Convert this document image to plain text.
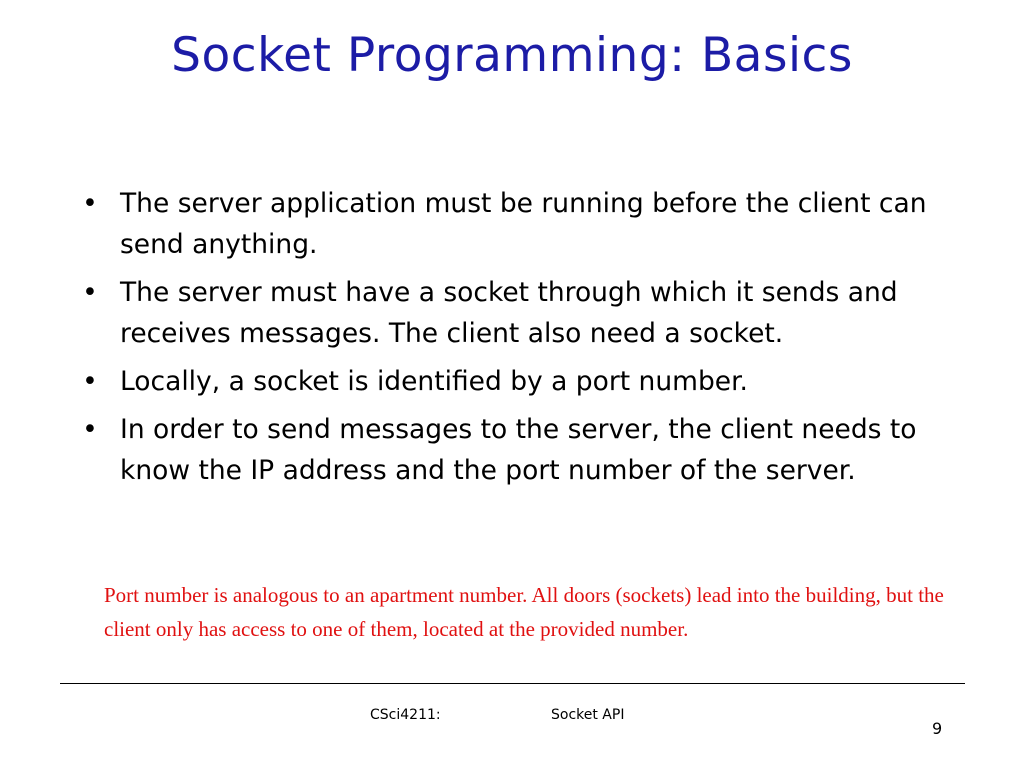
Socket Programming: Basics
• The server application must be running before the client can send anything.
• The server must have a socket through which it sends and receives messages. The client also need a socket.
• Locally, a socket is identified by a port number.
• In order to send messages to the server, the client needs to know the IP address and the port number of the server.
Port number is analogous to an apartment number. All doors (sockets) lead into the building, but the client only has access to one of them, located at the provided number.
CSci4211:	Socket API
9
